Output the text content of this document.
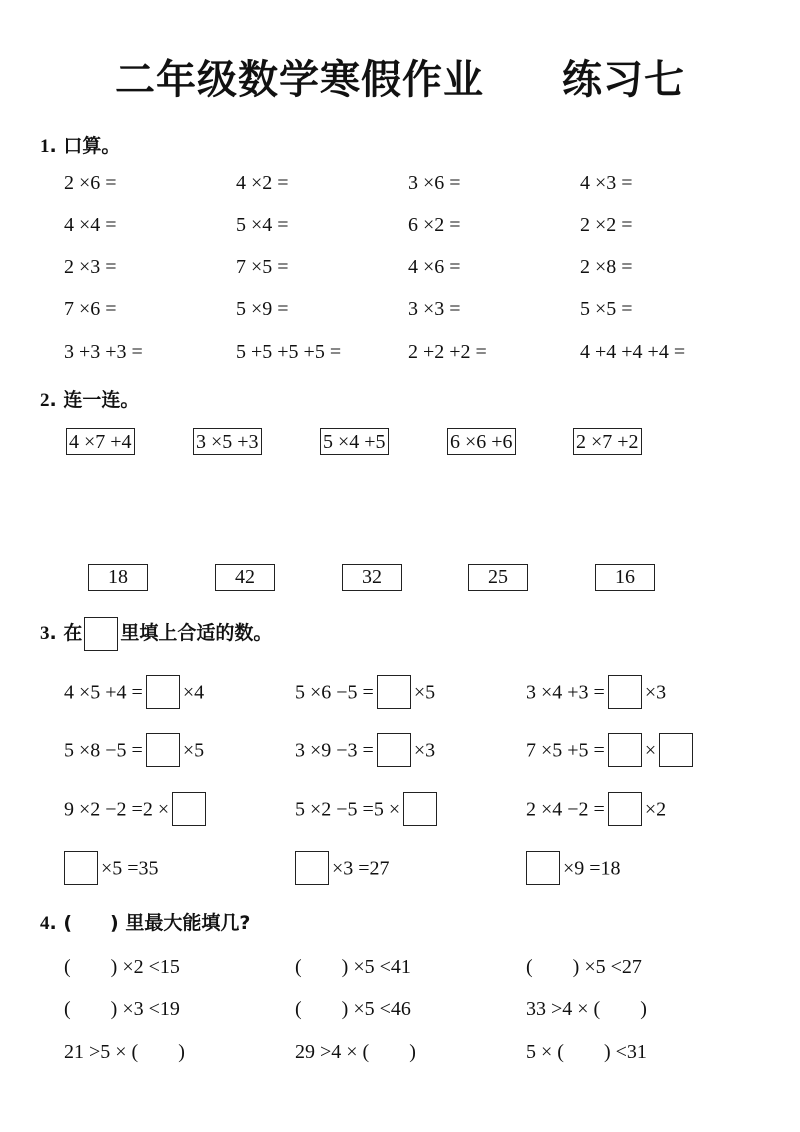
二年级数学寒假作业 练习七
1. 口算。
2 ×6 =	4 ×2 =	3 ×6 =	4 ×3 =
4 ×4 =	5 ×4 =	6 ×2 =	2 ×2 =
2 ×3 =	7 ×5 =	4 ×6 =	2 ×8 =
7 ×6 =	5 ×9 =	3 ×3 =	5 ×5 =
3 +3 +3 =	5 +5 +5 +5 =	2 +2 +2 =	4 +4 +4 +4 =
2. 连一连。
4 ×7 +4	3 ×5 +3	5 ×4 +5	6 ×6 +6	2 ×7 +2
18	42	32	25	16
3. 在 里填上合适的数。
4 ×5 +4 = ×4	5 ×6 −5 = ×5	3 ×4 +3 = ×3
5 ×8 −5 = ×5	3 ×9 −3 = ×3	7 ×5 +5 = ×
9 ×2 −2 =2 ×	5 ×2 −5 =5 ×	2 ×4 −2 = ×2
×5 =35	×3 =27	×9 =18
4. (　　) 里最大能填几?
(　　) ×2 <15	(　　) ×5 <41	(　　) ×5 <27
(　　) ×3 <19	(　　) ×5 <46	33 >4 × (　　)
21 >5 × (　　)	29 >4 × (　　)	5 × (　　) <31
